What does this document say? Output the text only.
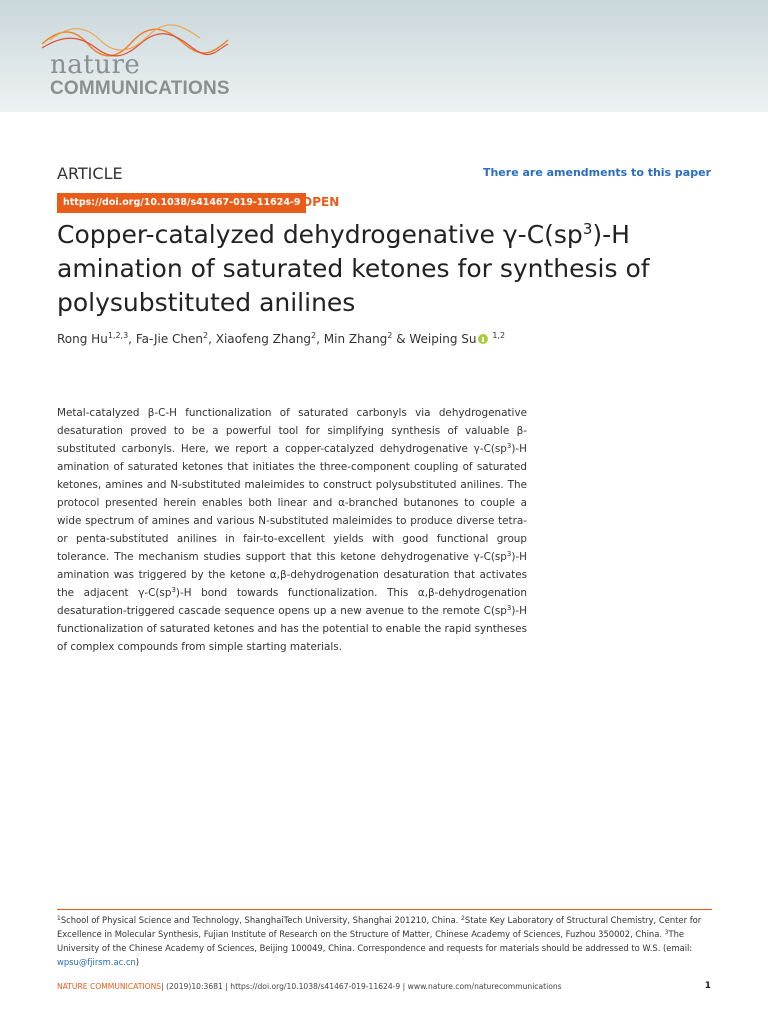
nature
COMMUNICATIONS
ARTICLE	There are amendments to this paper
https://doi.org/10.1038/s41467-019-11624-9 OPEN
Copper-catalyzed dehydrogenative $\gamma-C(sp^3)-H$
amination of saturated ketones for synthesis of
polysubstituted anilines
Rong Hu$^{1,2,3}$, Fa-Jie Chen$^2$, Xiaofeng Zhang$^2$, Min Zhang$^2$ & Weiping Su $^{1,2}$

Metal-catalyzed β-C-H functionalization of saturated carbonyls via dehydrogenative desaturation proved to be a powerful tool for simplifying synthesis of valuable β-substituted carbonyls. Here, we report a copper-catalyzed dehydrogenative $\gamma-C(sp^3)-H$ amination of saturated ketones that initiates the three-component coupling of saturated ketones, amines and N-substituted maleimides to construct polysubstituted anilines. The protocol presented herein enables both linear and α-branched butanones to couple a wide spectrum of amines and various N-substituted maleimides to produce diverse tetra- or penta-substituted anilines in fair-to-excellent yields with good functional group tolerance. The mechanism studies support that this ketone dehydrogenative $\gamma-C(sp^3)-H$ amination was triggered by the ketone α,β-dehydrogenation desaturation that activates the adjacent $\gamma-C(sp^3)-H$ bond towards functionalization. This α,β-dehydrogenation desaturation-triggered cascade sequence opens up a new avenue to the remote $C(sp^3)-H$ functionalization of saturated ketones and has the potential to enable the rapid syntheses of complex compounds from simple starting materials.

$^1$School of Physical Science and Technology, ShanghaiTech University, Shanghai 201210, China. $^2$State Key Laboratory of Structural Chemistry, Center for Excellence in Molecular Synthesis, Fujian Institute of Research on the Structure of Matter, Chinese Academy of Sciences, Fuzhou 350002, China. $^3$The University of the Chinese Academy of Sciences, Beijing 100049, China. Correspondence and requests for materials should be addressed to W.S. (email: wpsu@fjirsm.ac.cn)
NATURE COMMUNICATIONS| (2019)10:3681 | https://doi.org/10.1038/s41467-019-11624-9 | www.nature.com/naturecommunications	1
